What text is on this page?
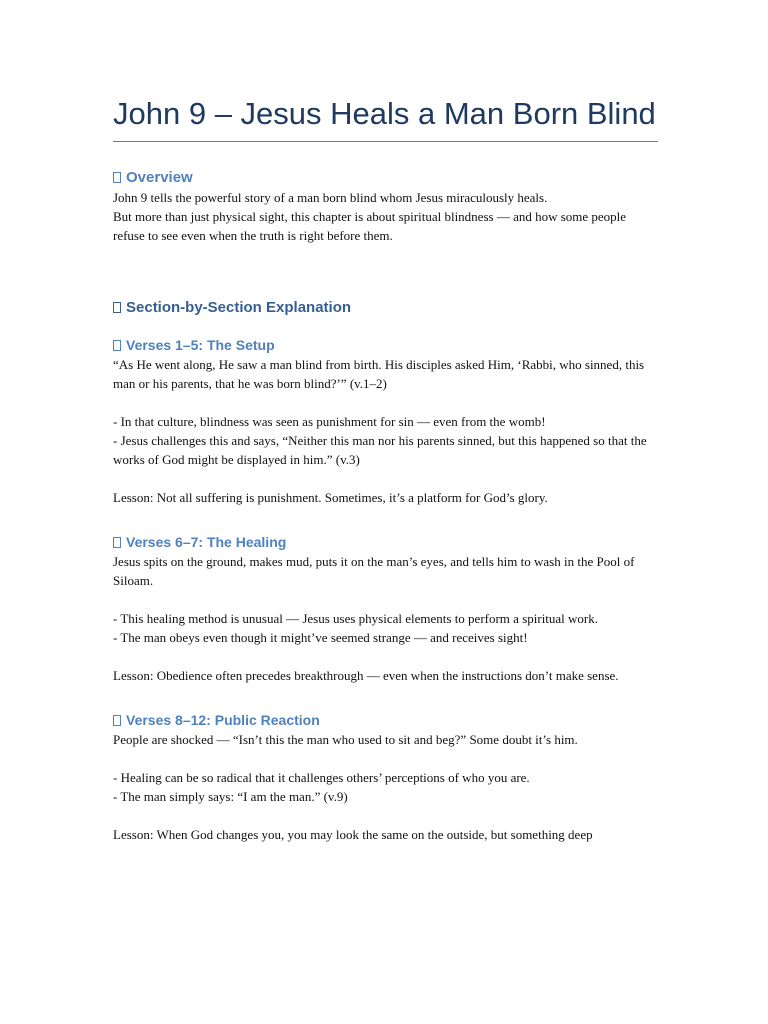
John 9 – Jesus Heals a Man Born Blind
Overview

John 9 tells the powerful story of a man born blind whom Jesus miraculously heals.

But more than just physical sight, this chapter is about spiritual blindness — and how some people refuse to see even when the truth is right before them.

Section-by-Section Explanation
Verses 1–5: The Setup

“As He went along, He saw a man blind from birth. His disciples asked Him, ‘Rabbi, who sinned, this man or his parents, that he was born blind?’” (v.1–2)

- In that culture, blindness was seen as punishment for sin — even from the womb!

- Jesus challenges this and says, “Neither this man nor his parents sinned, but this happened so that the works of God might be displayed in him.” (v.3)

Lesson: Not all suffering is punishment. Sometimes, it’s a platform for God’s glory.

Verses 6–7: The Healing

Jesus spits on the ground, makes mud, puts it on the man’s eyes, and tells him to wash in the Pool of Siloam.

- This healing method is unusual — Jesus uses physical elements to perform a spiritual work.

- The man obeys even though it might’ve seemed strange — and receives sight!

Lesson: Obedience often precedes breakthrough — even when the instructions don’t make sense.

Verses 8–12: Public Reaction

People are shocked — “Isn’t this the man who used to sit and beg?” Some doubt it’s him.

- Healing can be so radical that it challenges others’ perceptions of who you are.

- The man simply says: “I am the man.” (v.9)

Lesson: When God changes you, you may look the same on the outside, but something deep
